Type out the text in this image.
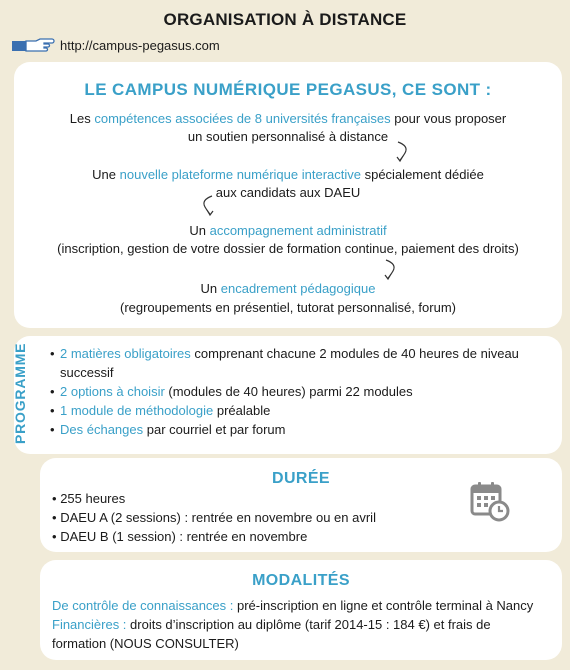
ORGANISATION À DISTANCE
http://campus-pegasus.com
LE CAMPUS NUMÉRIQUE PEGASUS, CE SONT :
Les compétences associées de 8 universités françaises pour vous proposer
un soutien personnalisé à distance
Une nouvelle plateforme numérique interactive spécialement dédiée
aux candidats aux DAEU
Un accompagnement administratif
(inscription, gestion de votre dossier de formation continue, paiement des droits)
Un encadrement pédagogique
(regroupements en présentiel, tutorat personnalisé, forum)
PROGRAMME • 2 matières obligatoires comprenant chacune 2 modules de 40 heures de niveau successif
• 2 options à choisir (modules de 40 heures) parmi 22 modules
• 1 module de méthodologie préalable
• Des échanges par courriel et par forum
DURÉE
• 255 heures
• DAEU A (2 sessions) : rentrée en novembre ou en avril
• DAEU B (1 session) : rentrée en novembre
MODALITÉS
De contrôle de connaissances : pré-inscription en ligne et contrôle terminal à Nancy
Financières : droits d’inscription au diplôme (tarif 2014-15 : 184 €) et frais de formation (NOUS CONSULTER)
